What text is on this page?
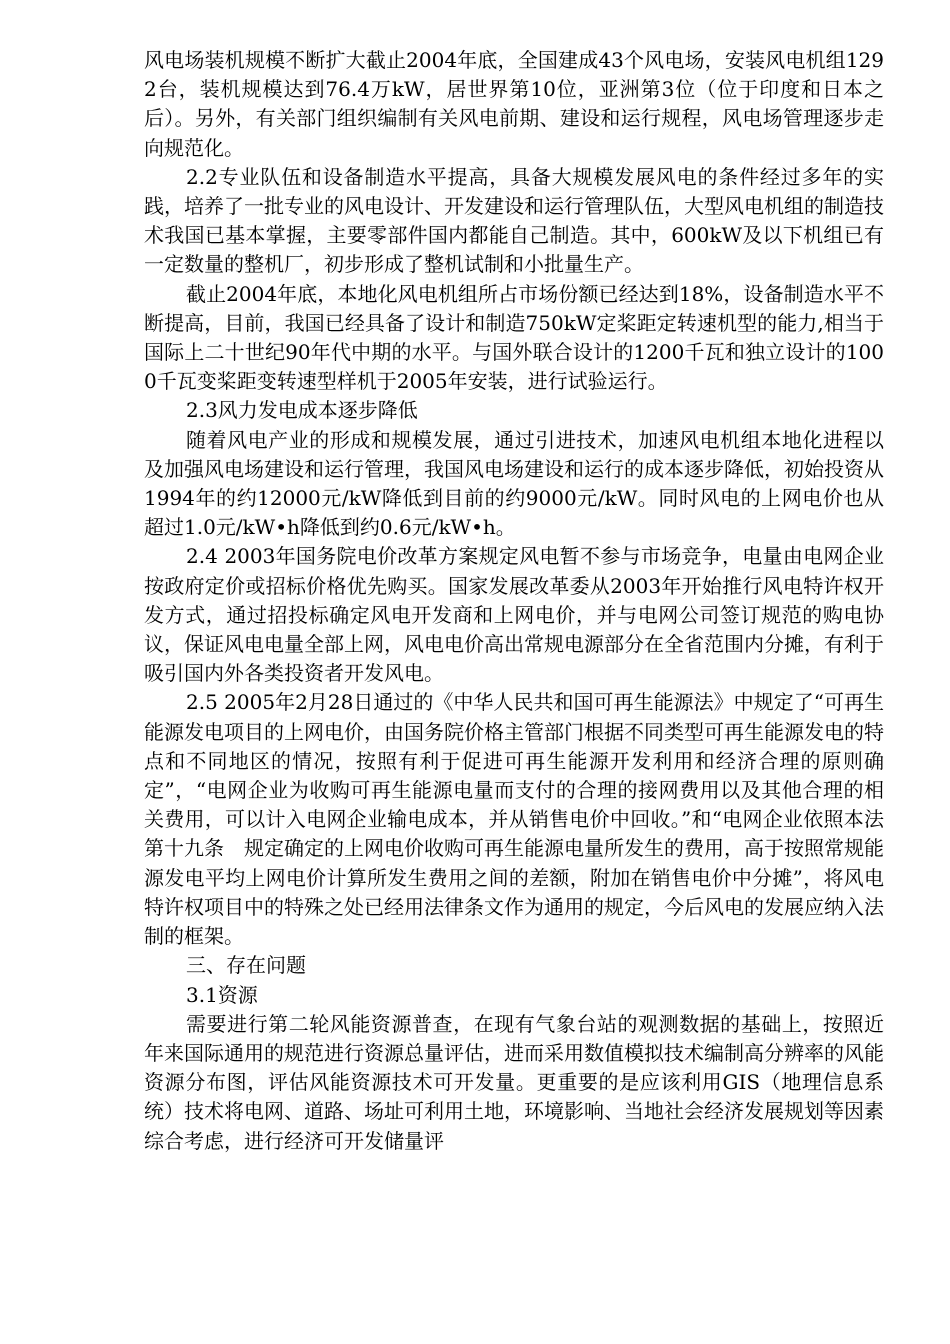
风电场装机规模不断扩大截止2004年底，全国建成43个风电场，安装风电机组1292台，装机规模达到76.4万kW，居世界第10位，亚洲第3位（位于印度和日本之后）。另外，有关部门组织编制有关风电前期、建设和运行规程，风电场管理逐步走向规范化。

2.2专业队伍和设备制造水平提高，具备大规模发展风电的条件经过多年的实践，培养了一批专业的风电设计、开发建设和运行管理队伍，大型风电机组的制造技术我国已基本掌握，主要零部件国内都能自己制造。其中，600kW及以下机组已有一定数量的整机厂，初步形成了整机试制和小批量生产。

截止2004年底，本地化风电机组所占市场份额已经达到18%，设备制造水平不断提高，目前，我国已经具备了设计和制造750kW定桨距定转速机型的能力,相当于国际上二十世纪90年代中期的水平。与国外联合设计的1200千瓦和独立设计的1000千瓦变桨距变转速型样机于2005年安装，进行试验运行。

2.3风力发电成本逐步降低

随着风电产业的形成和规模发展，通过引进技术，加速风电机组本地化进程以及加强风电场建设和运行管理，我国风电场建设和运行的成本逐步降低，初始投资从1994年的约12000元/kW降低到目前的约9000元/kW。同时风电的上网电价也从超过1.0元/kW•h降低到约0.6元/kW•h。

2.4 2003年国务院电价改革方案规定风电暂不参与市场竞争，电量由电网企业按政府定价或招标价格优先购买。国家发展改革委从2003年开始推行风电特许权开发方式，通过招投标确定风电开发商和上网电价，并与电网公司签订规范的购电协议，保证风电电量全部上网，风电电价高出常规电源部分在全省范围内分摊，有利于吸引国内外各类投资者开发风电。

2.5 2005年2月28日通过的《中华人民共和国可再生能源法》中规定了“可再生能源发电项目的上网电价，由国务院价格主管部门根据不同类型可再生能源发电的特点和不同地区的情况，按照有利于促进可再生能源开发利用和经济合理的原则确定”，“电网企业为收购可再生能源电量而支付的合理的接网费用以及其他合理的相关费用，可以计入电网企业输电成本，并从销售电价中回收。”和“电网企业依照本法第十九条　规定确定的上网电价收购可再生能源电量所发生的费用，高于按照常规能源发电平均上网电价计算所发生费用之间的差额，附加在销售电价中分摊”，将风电特许权项目中的特殊之处已经用法律条文作为通用的规定，今后风电的发展应纳入法制的框架。

三、存在问题

3.1资源

需要进行第二轮风能资源普查，在现有气象台站的观测数据的基础上，按照近年来国际通用的规范进行资源总量评估，进而采用数值模拟技术编制高分辨率的风能资源分布图，评估风能资源技术可开发量。更重要的是应该利用GIS（地理信息系统）技术将电网、道路、场址可利用土地，环境影响、当地社会经济发展规划等因素综合考虑，进行经济可开发储量评
